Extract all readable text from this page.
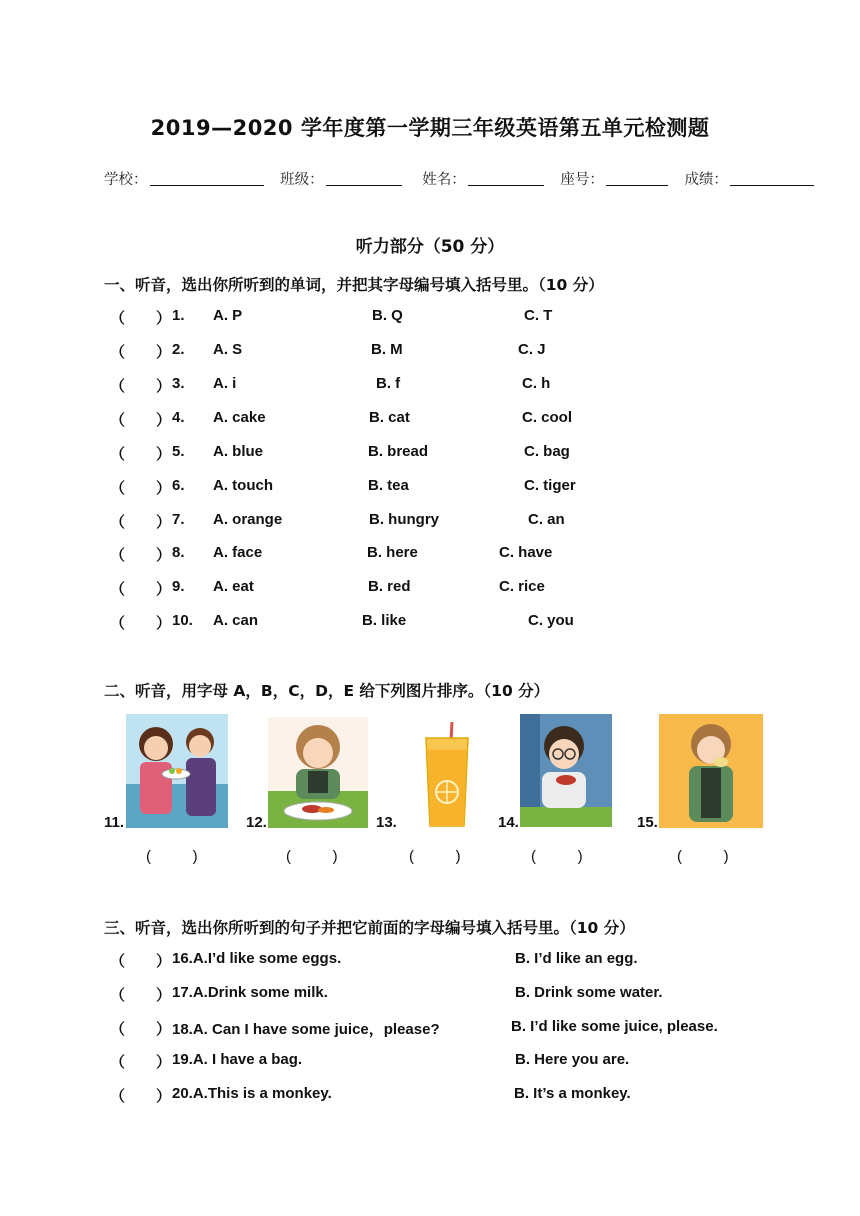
2019—2020 学年度第一学期三年级英语第五单元检测题
学校：	班级：	姓名：	座号：	成绩：
听力部分（50 分）
一、听音，选出你所听到的单词，并把其字母编号填入括号里。（10 分）
（ ） 1. A. P	B. Q	C. T
（ ） 2. A. S	B. M	C. J
（ ） 3. A. i	B. f	C. h
（ ） 4. A. cake	B. cat	C. cool
（ ） 5. A. blue	B. bread	C. bag
（ ） 6. A. touch	B. tea	C. tiger
（ ） 7. A. orange	B. hungry	C. an
（ ） 8. A. face	B. here	C. have
（ ） 9. A. eat	B. red	C. rice
（ ） 10. A. can	B. like	C. you
二、听音，用字母 A，B，C，D，E 给下列图片排序。（10 分）
11.
(          )
12.
(          )
13.
(          )
14.
(          )
15.
(          )
三、听音，选出你所听到的句子并把它前面的字母编号填入括号里。（10 分）
（ ） 16.A.I’d like some eggs.	B. I’d like an egg.
（ ） 17.A.Drink some milk.	B. Drink some water.
（ ） 18.A. Can I have some juice，please?	B. I’d like some juice, please.
（ ） 19.A. I have a bag.	B. Here you are.
（ ） 20.A.This is a monkey.	B. It’s a monkey.
